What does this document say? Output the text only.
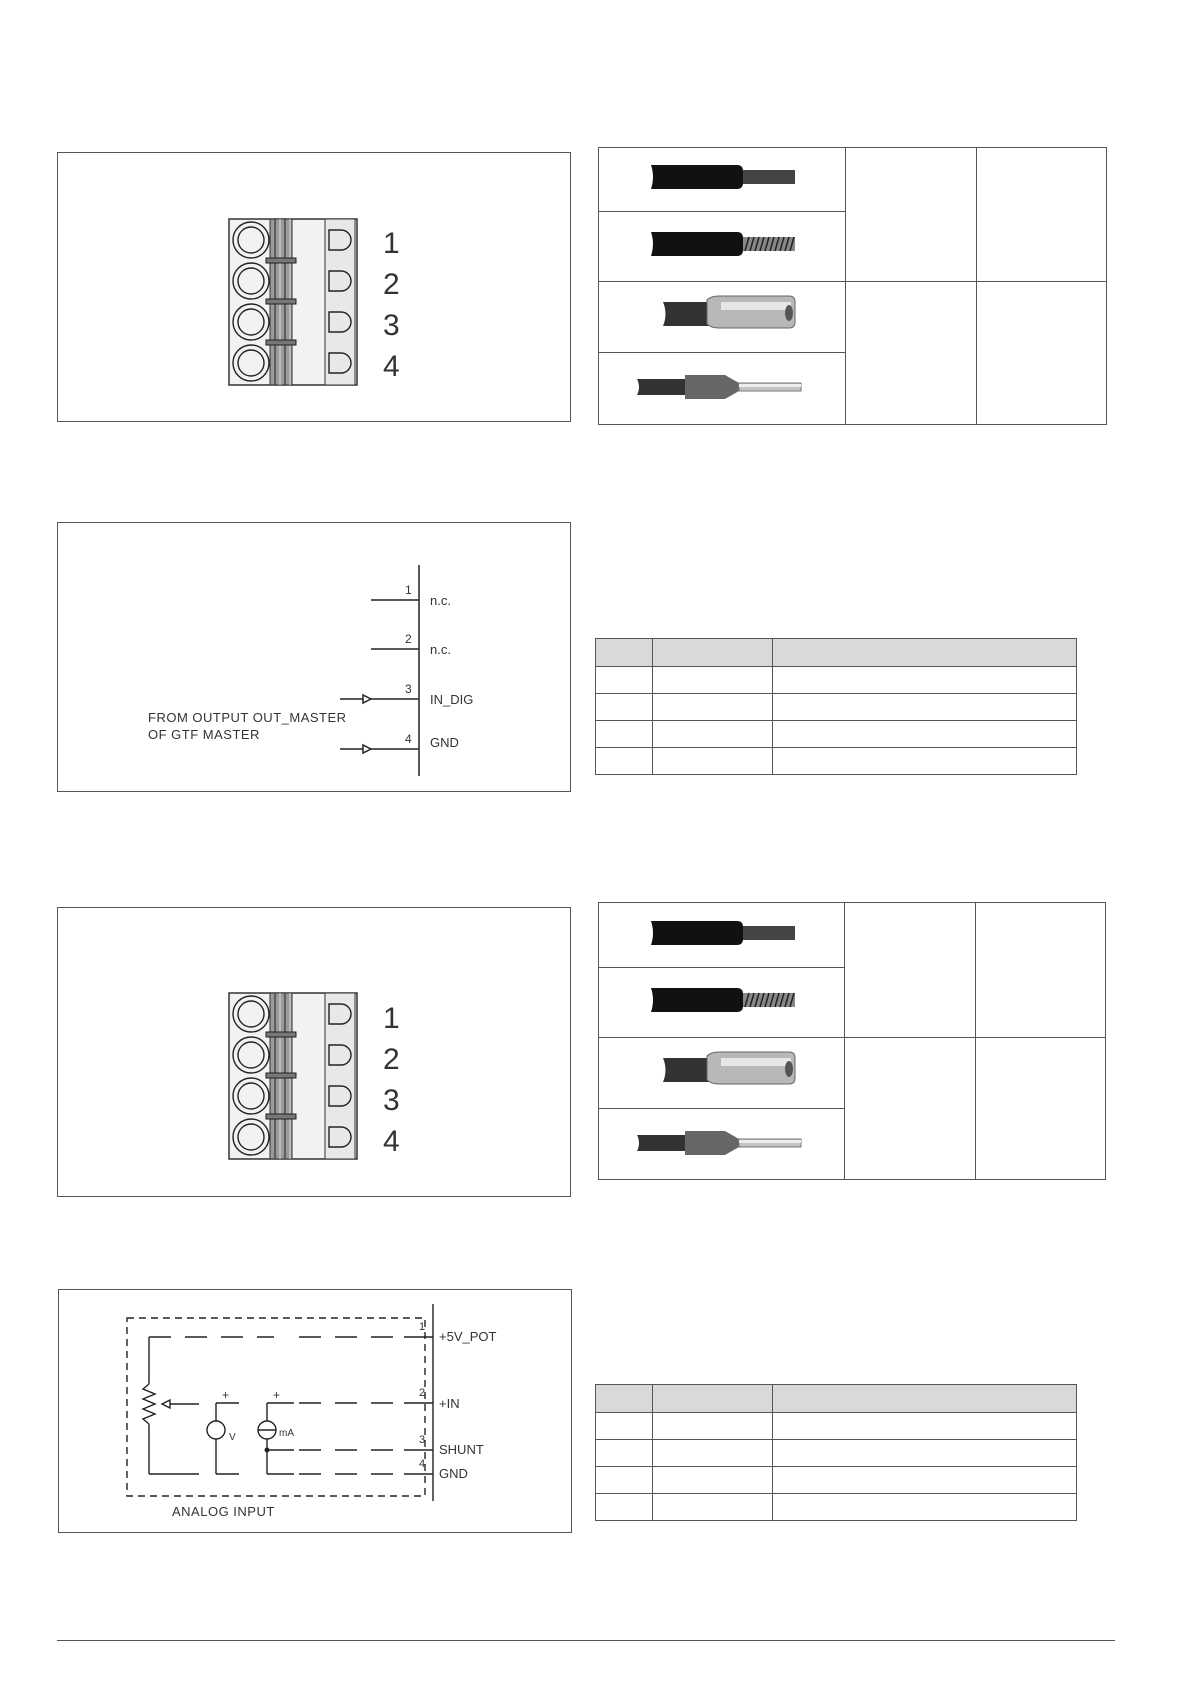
1
2
3
4

1
2
3
4
n.c.
n.c.
IN_DIG
GND
FROM OUTPUT OUT_MASTER
OF GTF MASTER

1
2
3
4

+	+
V	mA
1
2
3
4
+5V_POT
+IN
SHUNT
GND
ANALOG INPUT
